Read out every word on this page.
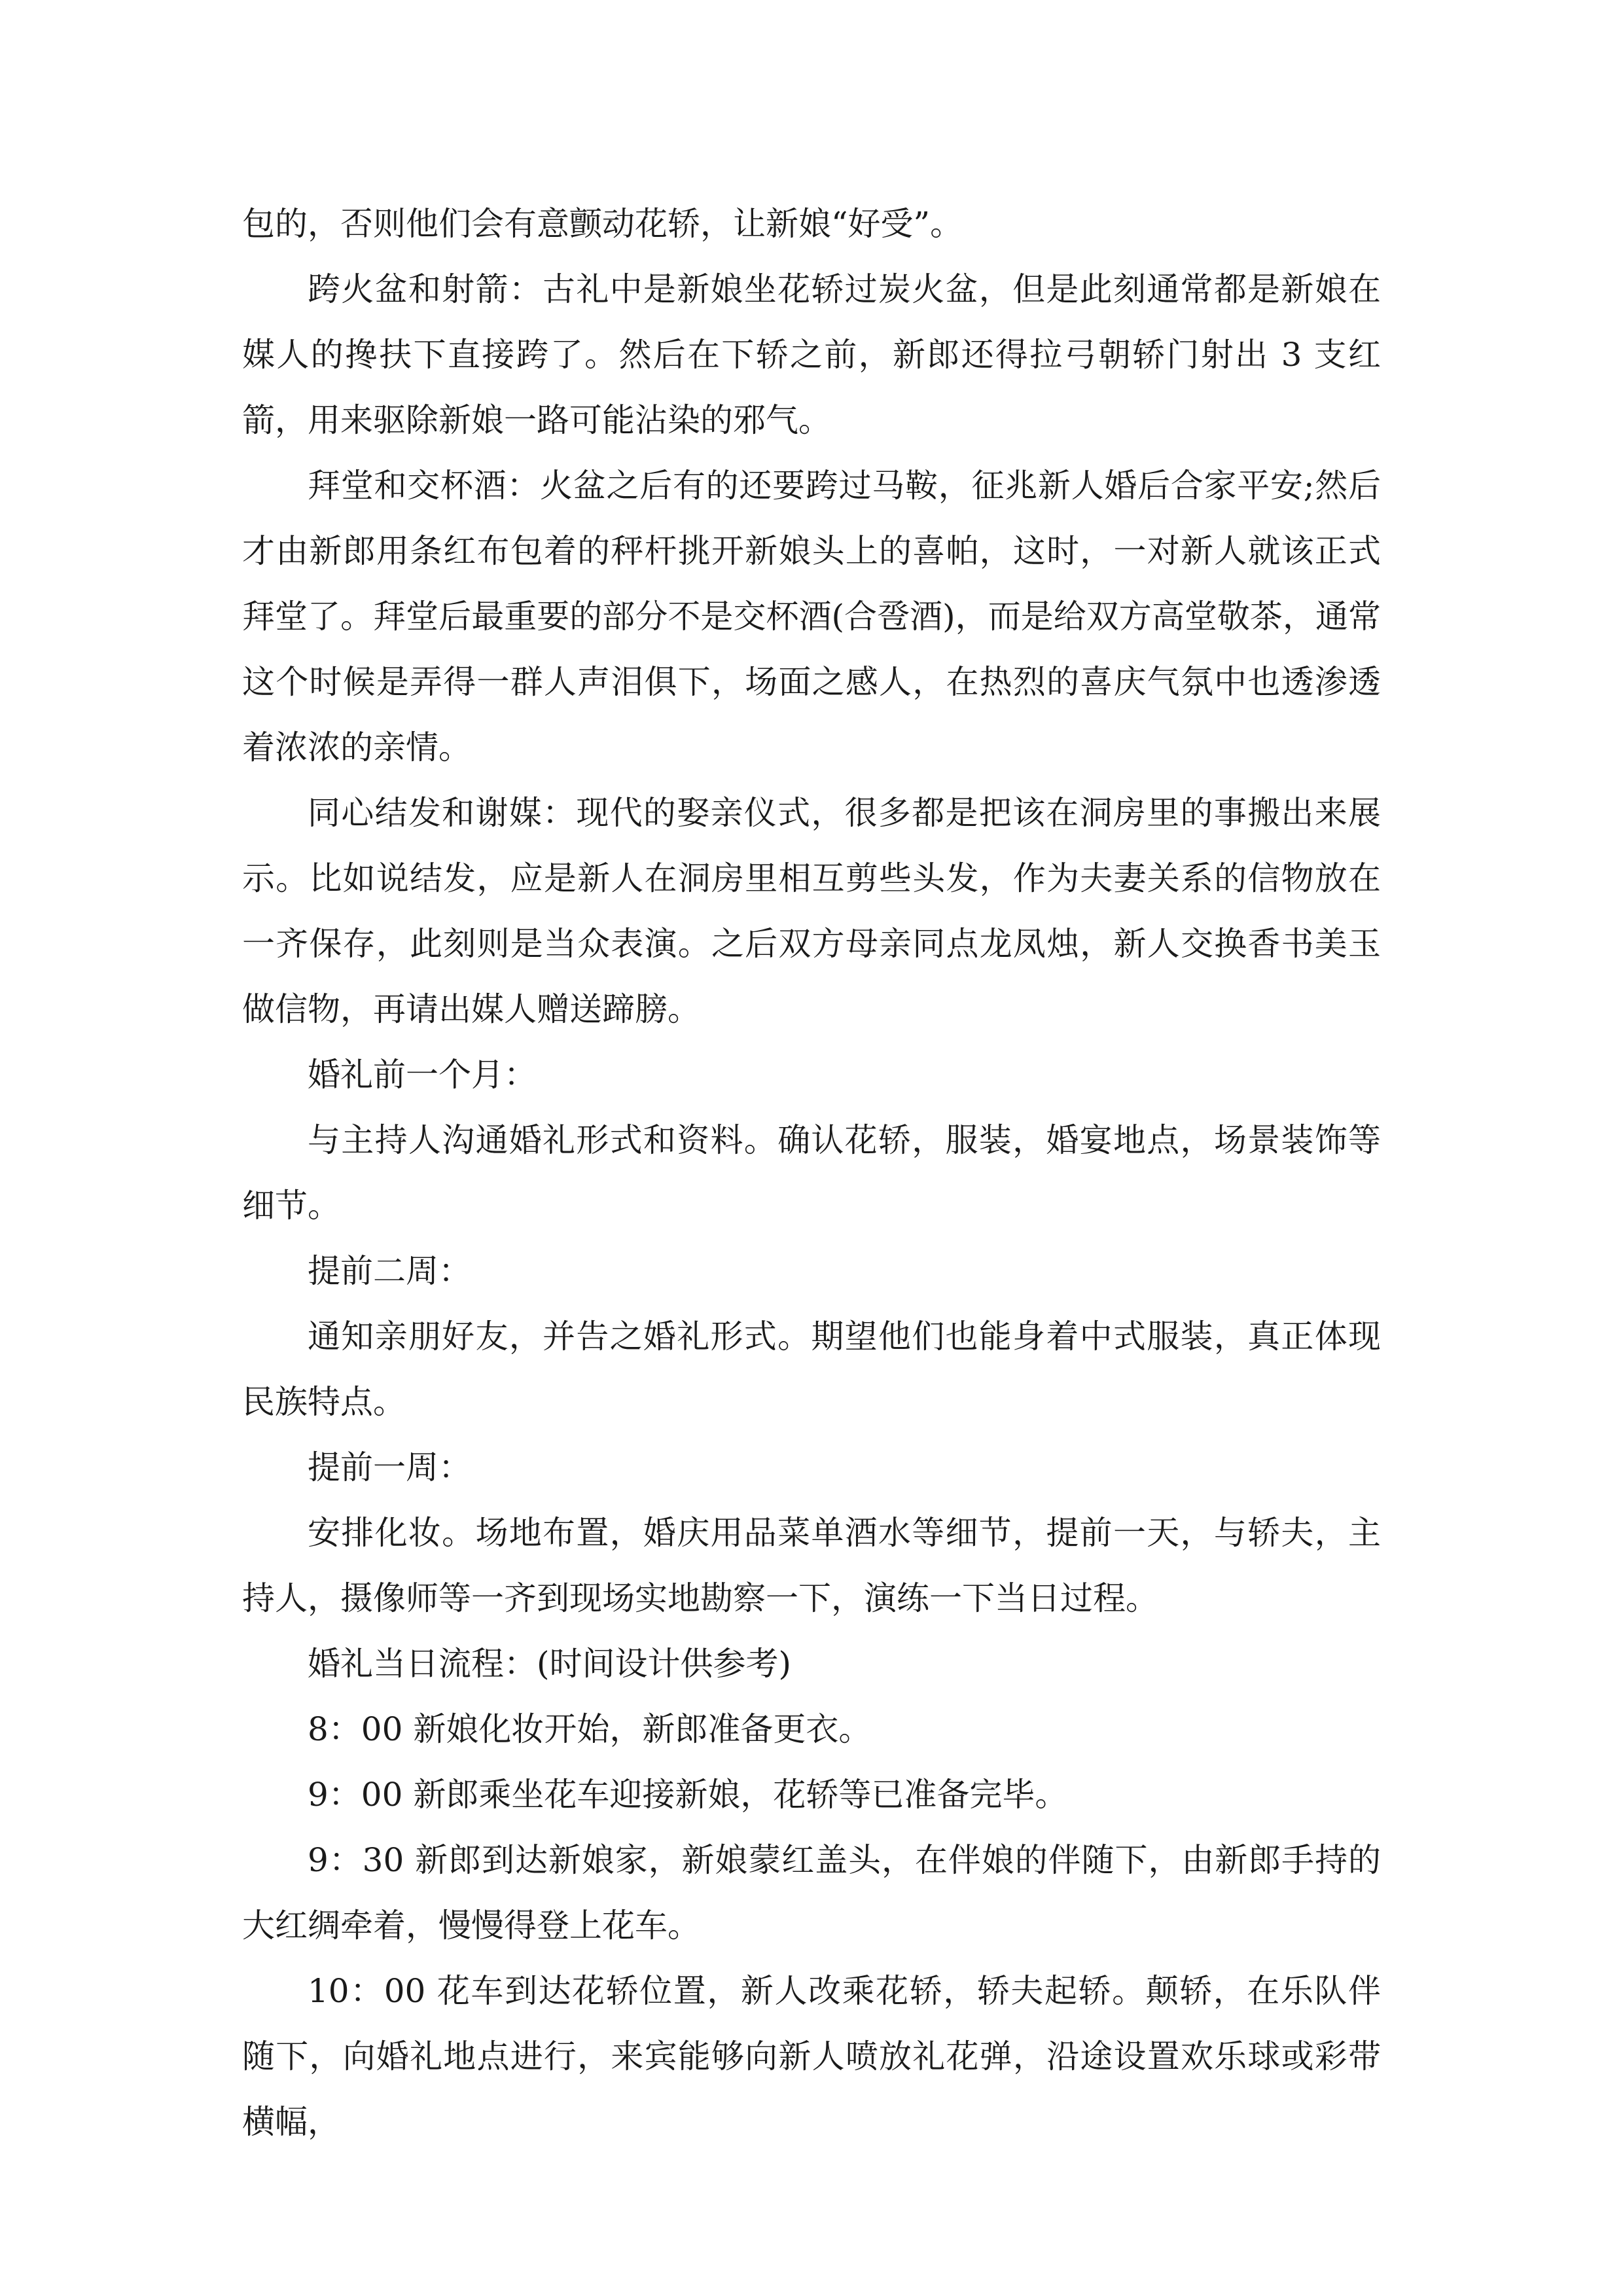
包的，否则他们会有意颤动花轿，让新娘“好受”。

跨火盆和射箭：古礼中是新娘坐花轿过炭火盆，但是此刻通常都是新娘在媒人的搀扶下直接跨了。然后在下轿之前，新郎还得拉弓朝轿门射出 3 支红箭，用来驱除新娘一路可能沾染的邪气。

拜堂和交杯酒：火盆之后有的还要跨过马鞍，征兆新人婚后合家平安;然后才由新郎用条红布包着的秤杆挑开新娘头上的喜帕，这时，一对新人就该正式拜堂了。拜堂后最重要的部分不是交杯酒(合卺酒)，而是给双方高堂敬茶，通常这个时候是弄得一群人声泪俱下，场面之感人，在热烈的喜庆气氛中也透渗透着浓浓的亲情。

同心结发和谢媒：现代的娶亲仪式，很多都是把该在洞房里的事搬出来展示。比如说结发，应是新人在洞房里相互剪些头发，作为夫妻关系的信物放在一齐保存，此刻则是当众表演。之后双方母亲同点龙凤烛，新人交换香书美玉做信物，再请出媒人赠送蹄膀。

婚礼前一个月：

与主持人沟通婚礼形式和资料。确认花轿，服装，婚宴地点，场景装饰等细节。

提前二周：

通知亲朋好友，并告之婚礼形式。期望他们也能身着中式服装，真正体现民族特点。

提前一周：

安排化妆。场地布置，婚庆用品菜单酒水等细节，提前一天，与轿夫，主持人，摄像师等一齐到现场实地勘察一下，演练一下当日过程。

婚礼当日流程：(时间设计供参考)

8：00 新娘化妆开始，新郎准备更衣。

9：00 新郎乘坐花车迎接新娘，花轿等已准备完毕。

9：30 新郎到达新娘家，新娘蒙红盖头，在伴娘的伴随下，由新郎手持的大红绸牵着，慢慢得登上花车。

10：00 花车到达花轿位置，新人改乘花轿，轿夫起轿。颠轿，在乐队伴随下，向婚礼地点进行，来宾能够向新人喷放礼花弹，沿途设置欢乐球或彩带横幅，
